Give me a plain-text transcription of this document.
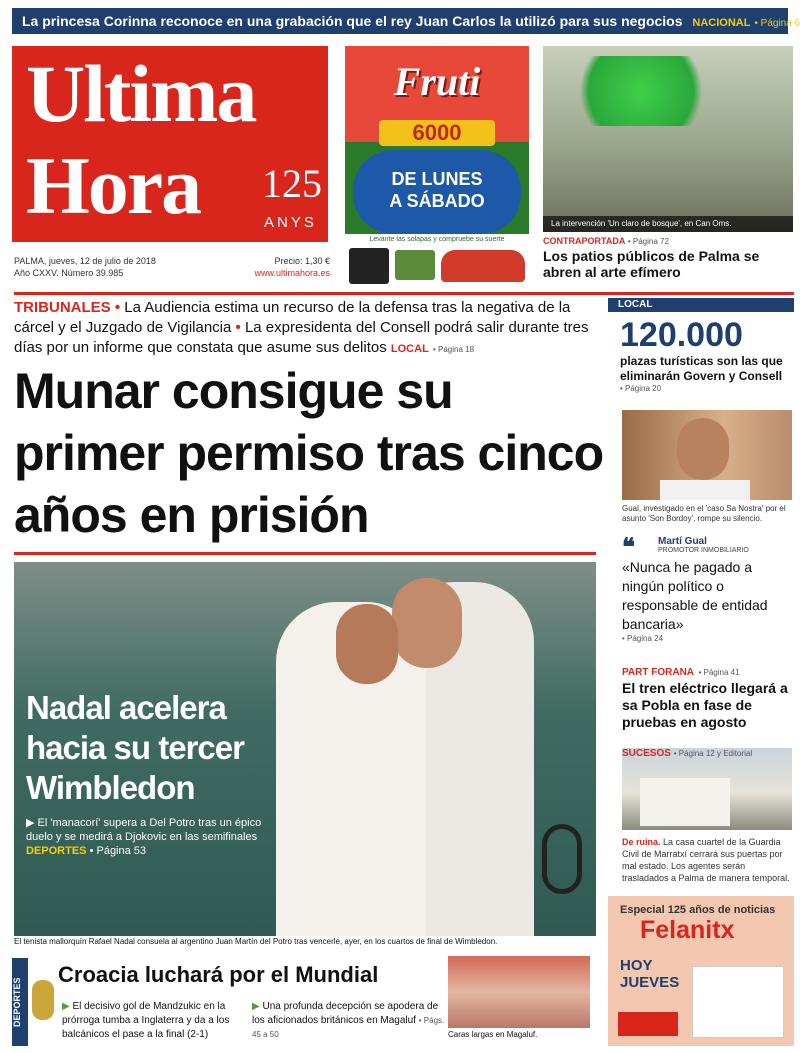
La princesa Corinna reconoce en una grabación que el rey Juan Carlos la utilizó para sus negocios NACIONAL • Página 6
Ultima
Hora 125
ANYS
PALMA, jueves, 12 de julio de 2018
Año CXXV. Número 39.985
Precio: 1,30 €
www.ultimahora.es
Fruti
6000
DE LUNES
A SÁBADO
Levante las solapas y compruebe su suerte
La intervención 'Un claro de bosque', en Can Oms.
CONTRAPORTADA • Página 72
Los patios públicos de Palma se abren al arte efímero
TRIBUNALES • La Audiencia estima un recurso de la defensa tras la negativa de la cárcel y el Juzgado de Vigilancia • La expresidenta del Consell podrá salir durante tres días por un informe que constata que asume sus delitos LOCAL • Página 18
Munar consigue su primer permiso tras cinco años en prisión
Nadal acelera hacia su tercer Wimbledon
▶ El 'manacorí' supera a Del Potro tras un épico duelo y se medirá a Djokovic en las semifinales DEPORTES • Página 53
El tenista mallorquín Rafael Nadal consuela al argentino Juan Martín del Potro tras vencerle, ayer, en los cuartos de final de Wimbledon.
LOCAL
120.000
plazas turísticas son las que eliminarán Govern y Consell
• Página 20
Gual, investigado en el 'caso Sa Nostra' por el asunto 'Son Bordoy', rompe su silencio.
❝ Martí Gual
PROMOTOR INMOBILIARIO
«Nunca he pagado a ningún político o responsable de entidad bancaria»
• Página 24
PART FORANA • Página 41
El tren eléctrico llegará a sa Pobla en fase de pruebas en agosto
SUCESOS • Página 12 y Editorial
De ruina. La casa cuartel de la Guardia Civil de Marratxí cerrará sus puertas por mal estado. Los agentes serán trasladados a Palma de manera temporal.
DEPORTES
Croacia luchará por el Mundial
▶ El decisivo gol de Mandzukic en la prórroga tumba a Inglaterra y da a los balcánicos el pase a la final (2-1)
▶ Una profunda decepción se apodera de los aficionados británicos en Magaluf • Págs. 45 a 50	Caras largas en Magaluf.
Especial 125 años de noticias
Felanitx
HOY
JUEVES
